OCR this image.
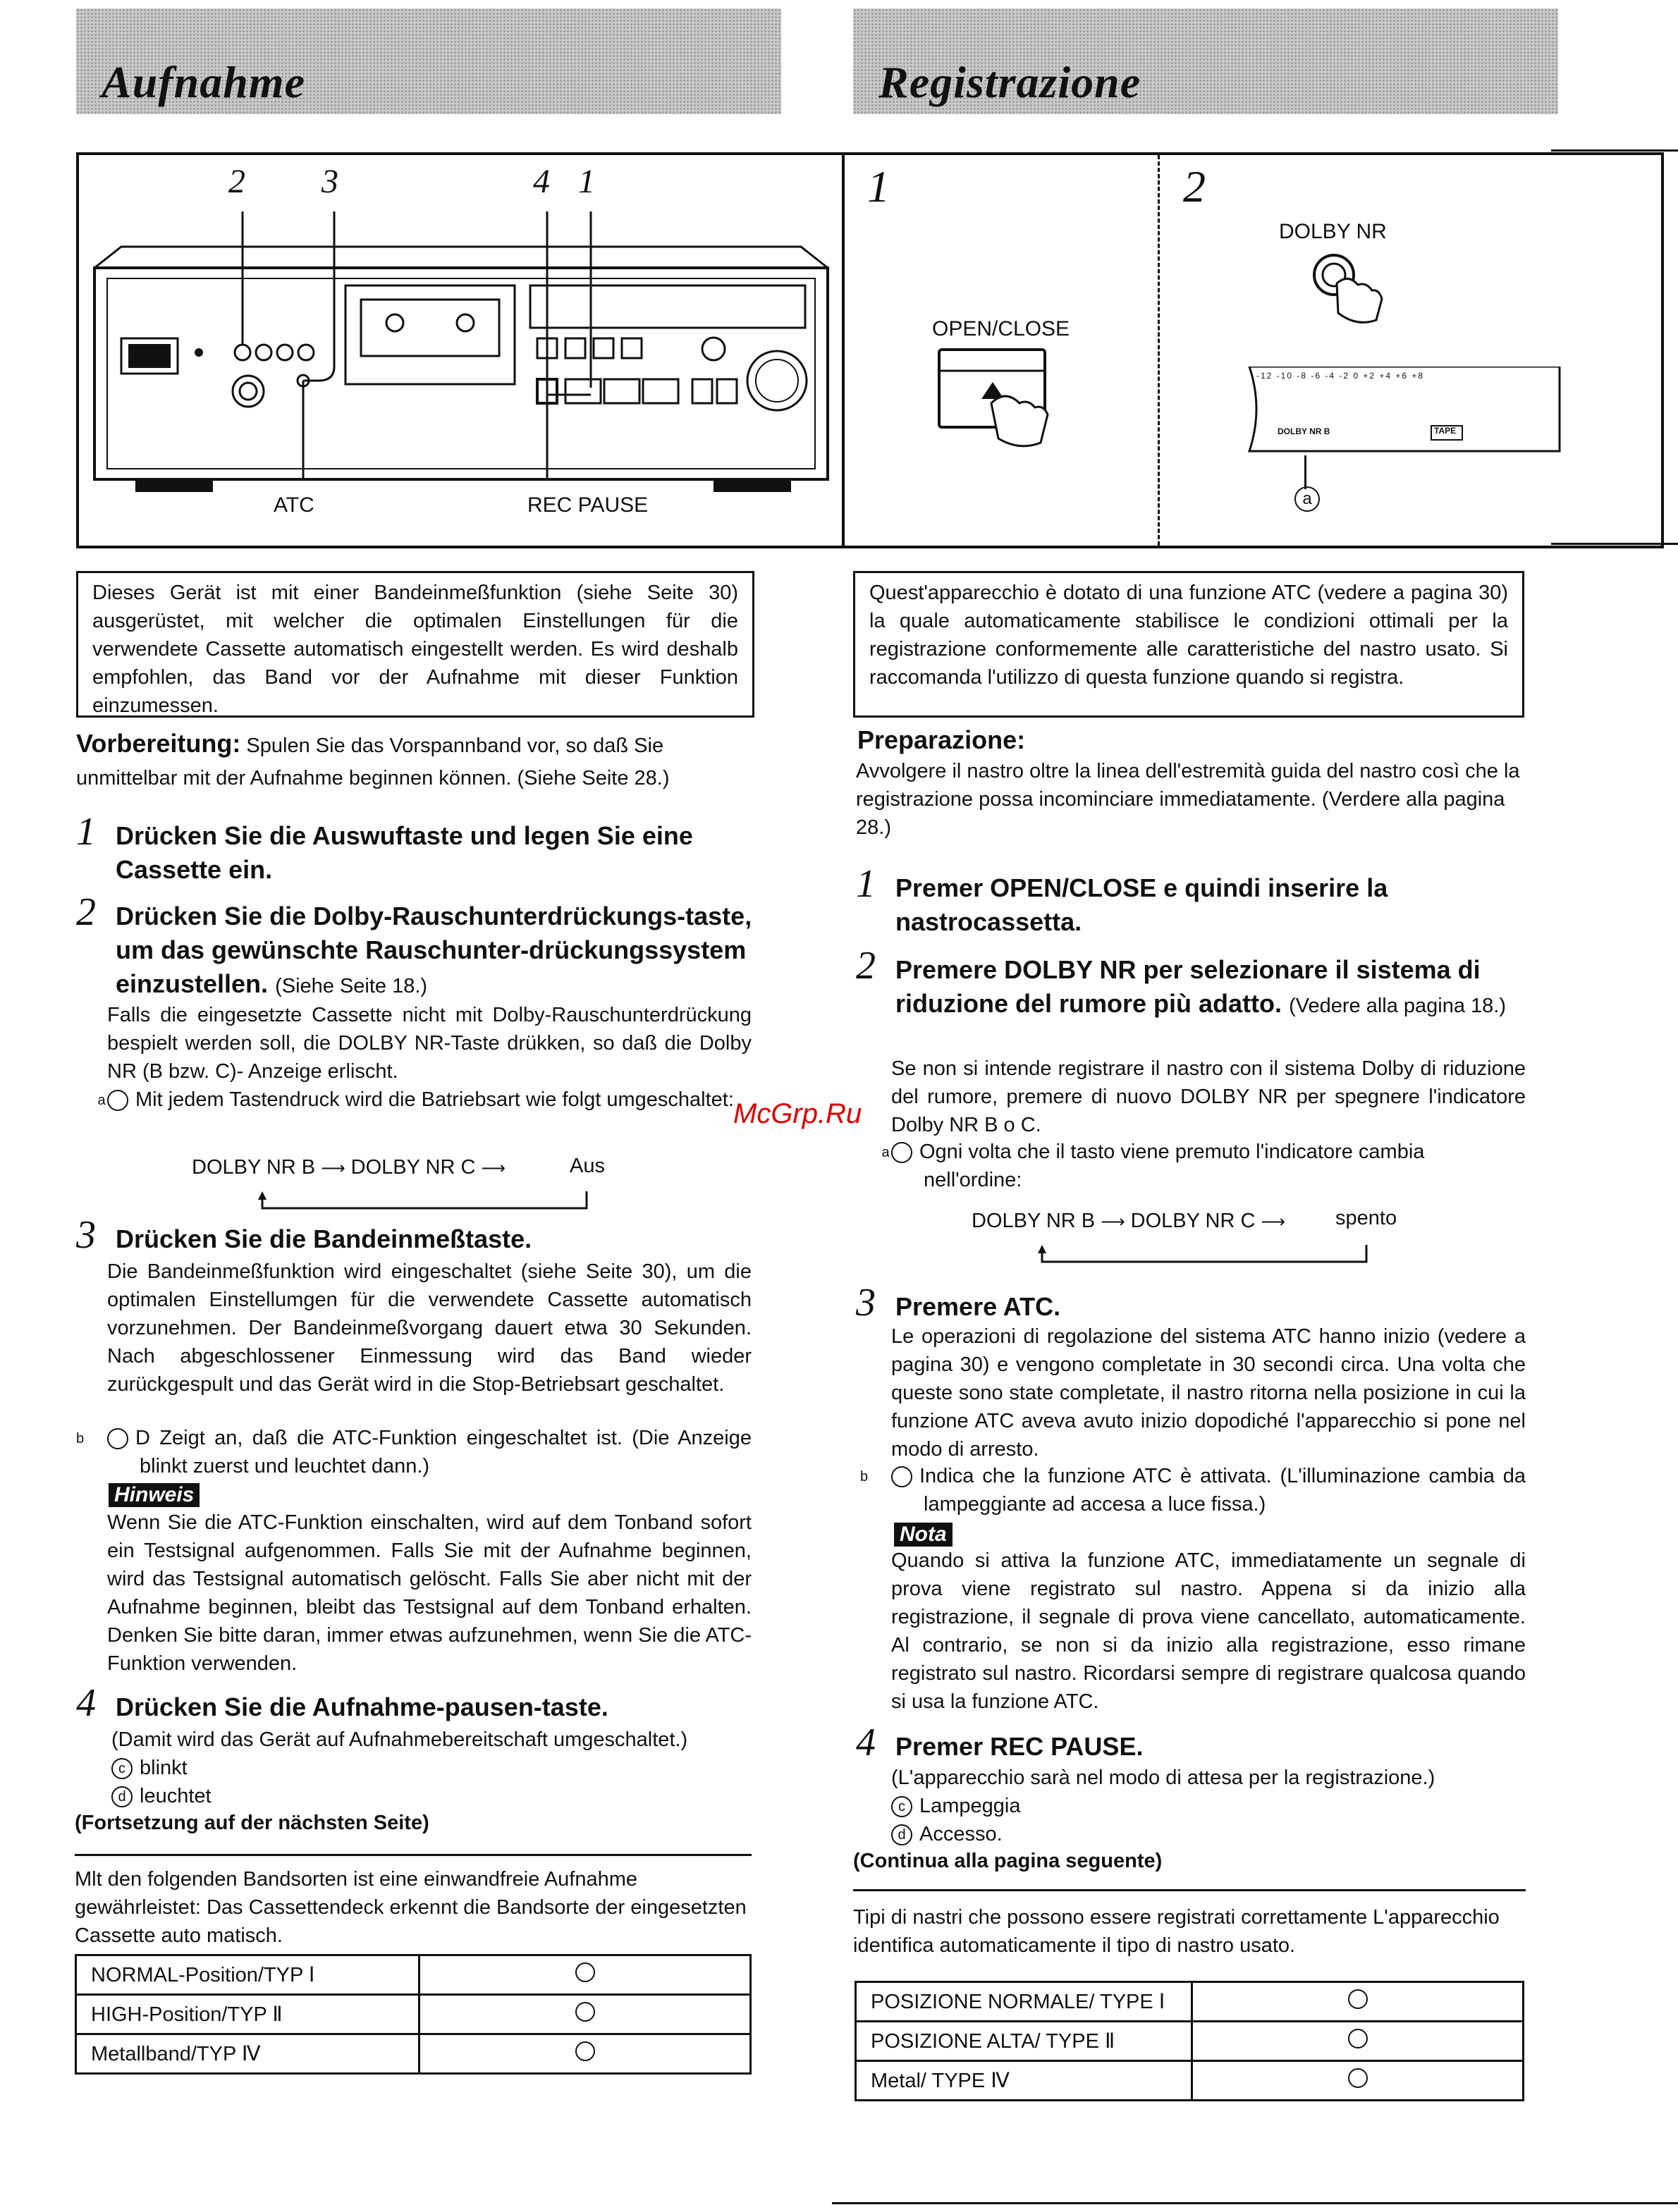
Aufnahme	Registrazione
2 3	4 1
ATC	REC PAUSE
1
OPEN/CLOSE
2
DOLBY NR
-12 -10 -8 -6 -4 -2 0 +2 +4 +6 +8
DOLBY NR B	TAPE
a
Dieses Gerät ist mit einer Bandeinmeßfunktion (siehe Seite 30) ausgerüstet, mit welcher die optimalen Einstellungen für die verwendete Cassette automatisch eingestellt werden. Es wird deshalb empfohlen, das Band vor der Aufnahme mit dieser Funktion einzumessen.
Vorbereitung: Spulen Sie das Vorspannband vor, so daß Sie unmittelbar mit der Aufnahme beginnen können. (Siehe Seite 28.)
1 Drücken Sie die Auswuftaste und legen Sie eine Cassette ein.
2 Drücken Sie die Dolby-Rauschunterdrückungs-taste, um das gewünschte Rauschunter-drückungssystem einzustellen. (Siehe Seite 18.)
Falls die eingesetzte Cassette nicht mit Dolby-Rauschunterdrückung bespielt werden soll, die DOLBY NR-Taste drükken, so daß die Dolby NR (B bzw. C)- Anzeige erlischt.
a Mit jedem Tastendruck wird die Batriebsart wie folgt umgeschaltet:
DOLBY NR B ⟶ DOLBY NR C ⟶	Aus
3 Drücken Sie die Bandeinmeßtaste.
Die Bandeinmeßfunktion wird eingeschaltet (siehe Seite 30), um die optimalen Einstellumgen für die verwendete Cassette automatisch vorzunehmen. Der Bandeinmeßvorgang dauert etwa 30 Sekunden. Nach abgeschlossener Einmessung wird das Band wieder zurückgespult und das Gerät wird in die Stop-Betriebsart geschaltet.
b	D Zeigt an, daß die ATC-Funktion eingeschaltet ist. (Die Anzeige blinkt zuerst und leuchtet dann.)
Hinweis
Wenn Sie die ATC-Funktion einschalten, wird auf dem Tonband sofort ein Testsignal aufgenommen. Falls Sie mit der Aufnahme beginnen, wird das Testsignal automatisch gelöscht. Falls Sie aber nicht mit der Aufnahme beginnen, bleibt das Testsignal auf dem Tonband erhalten. Denken Sie bitte daran, immer etwas aufzunehmen, wenn Sie die ATC-Funktion verwenden.
4 Drücken Sie die Aufnahme-pausen-taste.
(Damit wird das Gerät auf Aufnahmebereitschaft umgeschaltet.)
c blinkt
d leuchtet
(Fortsetzung auf der nächsten Seite)
Mlt den folgenden Bandsorten ist eine einwandfreie Aufnahme gewährleistet: Das Cassettendeck erkennt die Bandsorte der eingesetzten Cassette auto matisch.
NORMAL-Position/TYP Ⅰ	
HIGH-Position/TYP Ⅱ	
Metallband/TYP Ⅳ	
Quest'apparecchio è dotato di una funzione ATC (vedere a pagina 30) la quale automaticamente stabilisce le condizioni ottimali per la registrazione conformemente alle caratteristiche del nastro usato. Si raccomanda l'utilizzo di questa funzione quando si registra.
Preparazione:
Avvolgere il nastro oltre la linea dell'estremità guida del nastro così che la registrazione possa incominciare immediatamente. (Verdere alla pagina 28.)
1 Premer OPEN/CLOSE e quindi inserire la nastrocassetta.
2 Premere DOLBY NR per selezionare il sistema di riduzione del rumore più adatto. (Vedere alla pagina 18.)
Se non si intende registrare il nastro con il sistema Dolby di riduzione del rumore, premere di nuovo DOLBY NR per spegnere l'indicatore Dolby NR B o C.
a Ogni volta che il tasto viene premuto l'indicatore cambia nell'ordine:
DOLBY NR B ⟶ DOLBY NR C ⟶ spento
3 Premere ATC.
Le operazioni di regolazione del sistema ATC hanno inizio (vedere a pagina 30) e vengono completate in 30 secondi circa. Una volta che queste sono state completate, il nastro ritorna nella posizione in cui la funzione ATC aveva avuto inizio dopodiché l'apparecchio si pone nel modo di arresto.
b	Indica che la funzione ATC è attivata. (L'illuminazione cambia da lampeggiante ad accesa a luce fissa.)
Nota
Quando si attiva la funzione ATC, immediatamente un segnale di prova viene registrato sul nastro. Appena si da inizio alla registrazione, il segnale di prova viene cancellato, automaticamente. Al contrario, se non si da inizio alla registrazione, esso rimane registrato sul nastro. Ricordarsi sempre di registrare qualcosa quando si usa la funzione ATC.
4 Premer REC PAUSE.
(L'apparecchio sarà nel modo di attesa per la registrazione.)
c Lampeggia
d Accesso.
(Continua alla pagina seguente)
Tipi di nastri che possono essere registrati correttamente L'apparecchio identifica automaticamente il tipo di nastro usato.
POSIZIONE NORMALE/ TYPE Ⅰ	
POSIZIONE ALTA/ TYPE Ⅱ	
Metal/ TYPE Ⅳ	
McGrp.Ru
